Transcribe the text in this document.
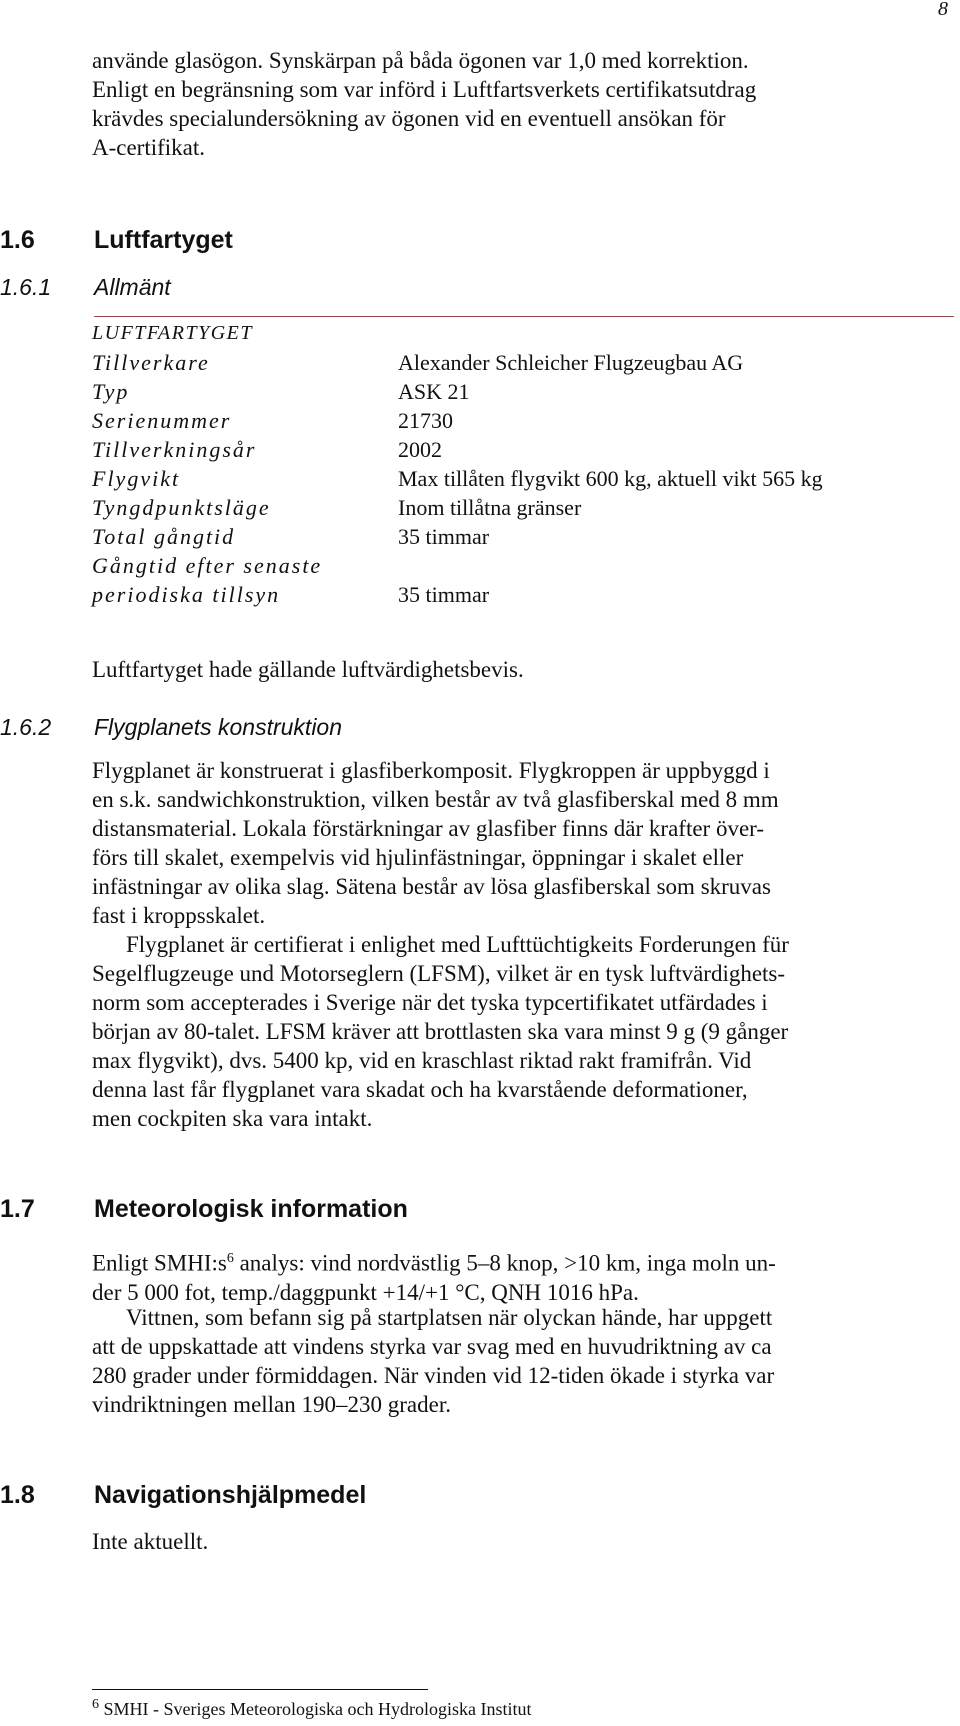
8
använde glasögon. Synskärpan på båda ögonen var 1,0 med korrektion.
Enligt en begränsning som var införd i Luftfartsverkets certifikatsutdrag
krävdes specialundersökning av ögonen vid en eventuell ansökan för
A-certifikat.
1.6 Luftfartyget
1.6.1 Allmänt
LUFTFARTYGET
Tillverkare	Alexander Schleicher Flugzeugbau AG
Typ	ASK 21
Serienummer	21730
Tillverkningsår	2002
Flygvikt	Max tillåten flygvikt 600 kg, aktuell vikt 565 kg
Tyngdpunktsläge	Inom tillåtna gränser
Total gångtid	35 timmar
Gångtid efter senaste
periodiska tillsyn	35 timmar
Luftfartyget hade gällande luftvärdighetsbevis.
1.6.2 Flygplanets konstruktion
Flygplanet är konstruerat i glasfiberkomposit. Flygkroppen är uppbyggd i
en s.k. sandwichkonstruktion, vilken består av två glasfiberskal med 8 mm
distansmaterial. Lokala förstärkningar av glasfiber finns där krafter över-
förs till skalet, exempelvis vid hjulinfästningar, öppningar i skalet eller
infästningar av olika slag. Sätena består av lösa glasfiberskal som skruvas
fast i kroppsskalet.
Flygplanet är certifierat i enlighet med Lufttüchtigkeits Forderungen für
Segelflugzeuge und Motorseglern (LFSM), vilket är en tysk luftvärdighets-
norm som accepterades i Sverige när det tyska typcertifikatet utfärdades i
början av 80-talet. LFSM kräver att brottlasten ska vara minst 9 g (9 gånger
max flygvikt), dvs. 5400 kp, vid en kraschlast riktad rakt framifrån. Vid
denna last får flygplanet vara skadat och ha kvarstående deformationer,
men cockpiten ska vara intakt.
1.7 Meteorologisk information
Enligt $SMHI:s^6$ analys: vind nordvästlig 5–8 knop, >10 km, inga moln un-
der 5 000 fot, temp./daggpunkt +14/+1 °C, QNH 1016 hPa.
Vittnen, som befann sig på startplatsen när olyckan hände, har uppgett
att de uppskattade att vindens styrka var svag med en huvudriktning av ca
280 grader under förmiddagen. När vinden vid 12-tiden ökade i styrka var
vindriktningen mellan 190–230 grader.
1.8 Navigationshjälpmedel
Inte aktuellt.
$^6$ SMHI - Sveriges Meteorologiska och Hydrologiska Institut
